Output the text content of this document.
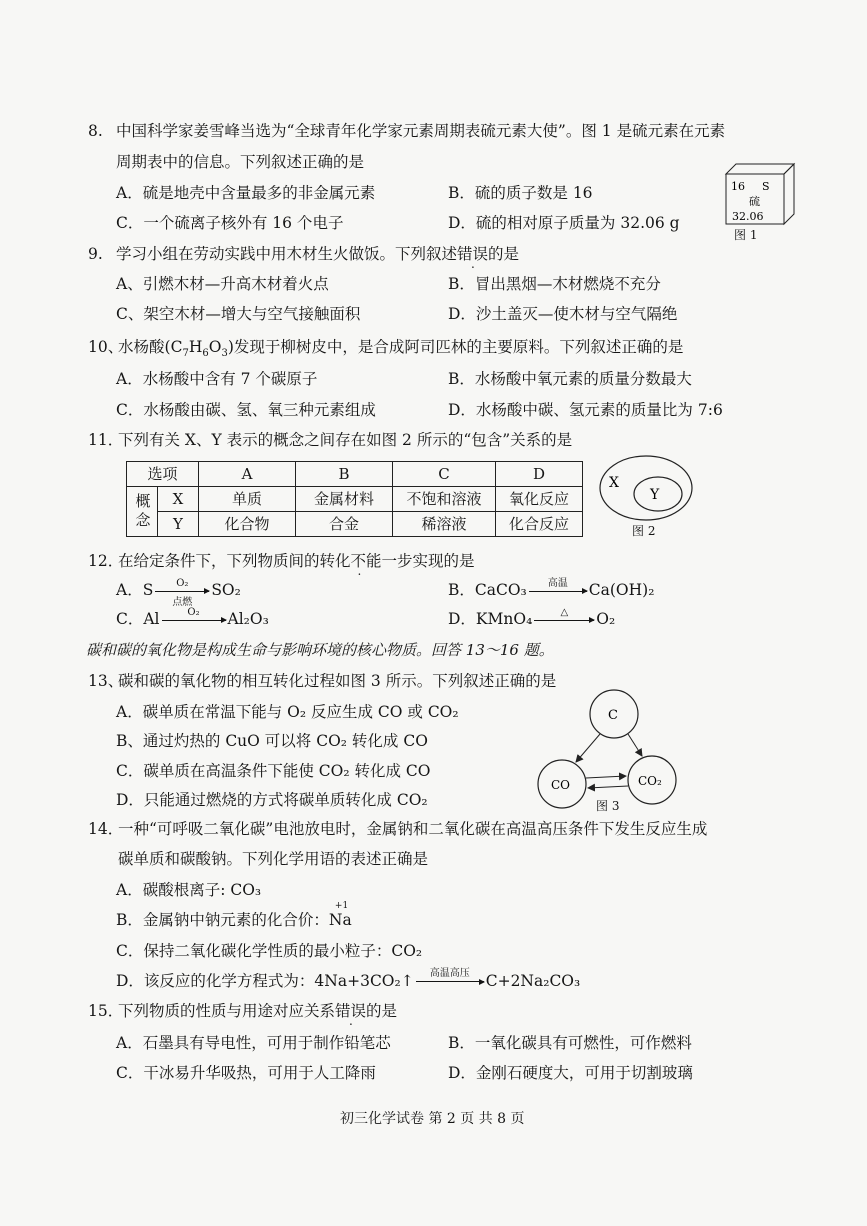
8. 中国科学家姜雪峰当选为“全球青年化学家元素周期表硫元素大使”。图 1 是硫元素在元素
周期表中的信息。下列叙述正确的是
A．硫是地壳中含量最多的非金属元素	B．硫的质子数是 16
C．一个硫离子核外有 16 个电子	D．硫的相对原子质量为 32.06 g
16 S
硫
32.06
图 1
9. 学习小组在劳动实践中用木材生火做饭。下列叙述错误的是
A、引燃木材—升高木材着火点	B．冒出黑烟—木材燃烧不充分
C、架空木材—增大与空气接触面积	D．沙土盖灭—使木材与空气隔绝
10、
水杨酸$(C_7H_6O_3)$发现于柳树皮中，是合成阿司匹林的主要原料。下列叙述正确的是
A．水杨酸中含有 7 个碳原子	B．水杨酸中氧元素的质量分数最大
C．水杨酸由碳、氢、氧三种元素组成	D．水杨酸中碳、氢元素的质量比为 7:6
11．
下列有关 X、Y 表示的概念之间存在如图 2 所示的“包含”关系的是
选项		A	B	C	D
概念	X	单质	金属材料	不饱和溶液	氧化反应
	Y	化合物	合金	稀溶液	化合反应
X
Y
图 2
12．
在给定条件下，下列物质间的转化不能一步实现的是
A．S	O₂
点燃
SO₂	B．CaCO₃	高温	Ca(OH)₂
C．Al	O₂	Al₂O₃	D．KMnO₄	△	O₂
碳和碳的氧化物是构成生命与影响环境的核心物质。回答 13～16 题。
13、
碳和碳的氧化物的相互转化过程如图 3 所示。下列叙述正确的是
A．碳单质在常温下能与 O₂ 反应生成 CO 或 CO₂
B、通过灼热的 CuO 可以将 CO₂ 转化成 CO
C．碳单质在高温条件下能使 CO₂ 转化成 CO
D．只能通过燃烧的方式将碳单质转化成 CO₂
C
CO	CO₂
图 3
14．
一种“可呼吸二氧化碳”电池放电时，金属钠和二氧化碳在高温高压条件下发生反应生成
碳单质和碳酸钠。下列化学用语的表述正确是
A．碳酸根离子: CO₃
B．金属钠中钠元素的化合价：
+1
Na
C．保持二氧化碳化学性质的最小粒子：CO₂
D．该反应的化学方程式为：4Na+3CO₂↑	高温高压	C+2Na₂CO₃
15．
下列物质的性质与用途对应关系错误的是
A．石墨具有导电性，可用于制作铅笔芯	B．一氧化碳具有可燃性，可作燃料
C．干冰易升华吸热，可用于人工降雨	D．金刚石硬度大，可用于切割玻璃
初三化学试卷 第 2 页 共 8 页
